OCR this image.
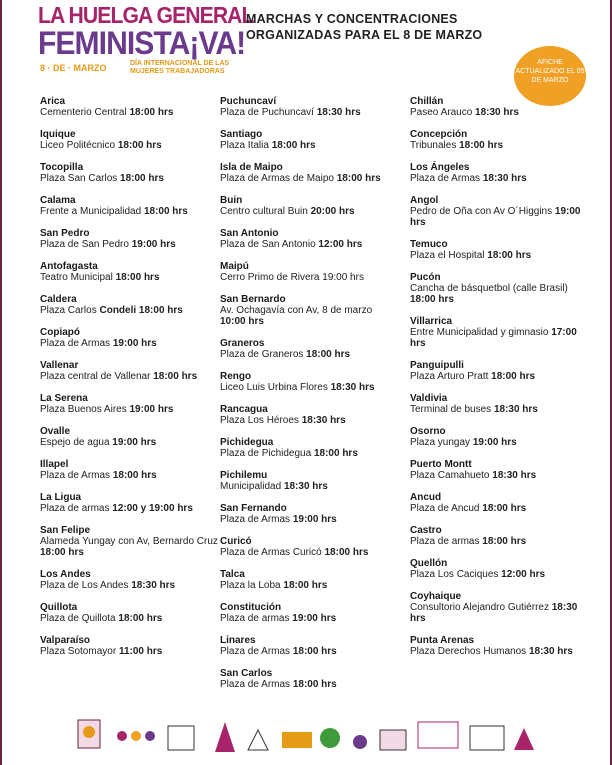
LA HUELGA GENERAL
FEMINISTA¡VA!
8 · DE · MARZO	DÍA INTERNACIONAL DE LAS MUJERES TRABAJADORAS
MARCHAS Y CONCENTRACIONES ORGANIZADAS PARA EL 8 DE MARZO
AFICHE ACTUALIZADO EL 05 DE MARZO
Arica
Cementerio Central 18:00 hrs
Iquique
Liceo Politécnico 18:00 hrs
Tocopilla
Plaza San Carlos 18:00 hrs
Calama
Frente a Municipalidad 18:00 hrs
San Pedro
Plaza de San Pedro 19:00 hrs
Antofagasta
Teatro Municipal 18:00 hrs
Caldera
Plaza Carlos Condeli 18:00 hrs
Copiapó
Plaza de Armas 19:00 hrs
Vallenar
Plaza central de Vallenar 18:00 hrs
La Serena
Plaza Buenos Aires 19:00 hrs
Ovalle
Espejo de agua 19:00 hrs
Illapel
Plaza de Armas 18:00 hrs
La Ligua
Plaza de armas 12:00 y 19:00 hrs
San Felipe
Alameda Yungay con Av, Bernardo Cruz 18:00 hrs
Los Andes
Plaza de Los Andes 18:30 hrs
Quillota
Plaza de Quillota 18:00 hrs
Valparaíso
Plaza Sotomayor 11:00 hrs
Puchuncaví
Plaza de Puchuncaví 18:30 hrs
Santiago
Plaza Italia 18:00 hrs
Isla de Maipo
Plaza de Armas de Maipo 18:00 hrs
Buin
Centro cultural Buin 20:00 hrs
San Antonio
Plaza de San Antonio 12:00 hrs
Maipú
Cerro Primo de Rivera 19:00 hrs
San Bernardo
Av. Ochagavía con Av, 8 de marzo 10:00 hrs
Graneros
Plaza de Graneros 18:00 hrs
Rengo
Liceo Luis Urbina Flores 18:30 hrs
Rancagua
Plaza Los Héroes 18:30 hrs
Pichidegua
Plaza de Pichidegua 18:00 hrs
Pichilemu
Municipalidad 18:30 hrs
San Fernando
Plaza de Armas 19:00 hrs
Curicó
Plaza de Armas Curicó 18:00 hrs
Talca
Plaza la Loba 18:00 hrs
Constitución
Plaza de armas 19:00 hrs
Linares
Plaza de Armas 18:00 hrs
San Carlos
Plaza de Armas 18:00 hrs
Chillán
Paseo Arauco 18:30 hrs
Concepción
Tribunales 18:00 hrs
Los Ángeles
Plaza de Armas 18:30 hrs
Angol
Pedro de Oña con Av O´Higgins 19:00 hrs
Temuco
Plaza el Hospital 18:00 hrs
Pucón
Cancha de básquetbol (calle Brasil) 18:00 hrs
Villarrica
Entre Municipalidad y gimnasio 17:00 hrs
Panguipulli
Plaza Arturo Pratt 18:00 hrs
Valdivia
Terminal de buses 18:30 hrs
Osorno
Plaza yungay 19:00 hrs
Puerto Montt
Plaza Camahueto 18:30 hrs
Ancud
Plaza de Ancud 18:00 hrs
Castro
Plaza de armas 18:00 hrs
Quellón
Plaza Los Caciques 12:00 hrs
Coyhaique
Consultorio Alejandro Gutiérrez 18:30 hrs
Punta Arenas
Plaza Derechos Humanos 18:30 hrs
